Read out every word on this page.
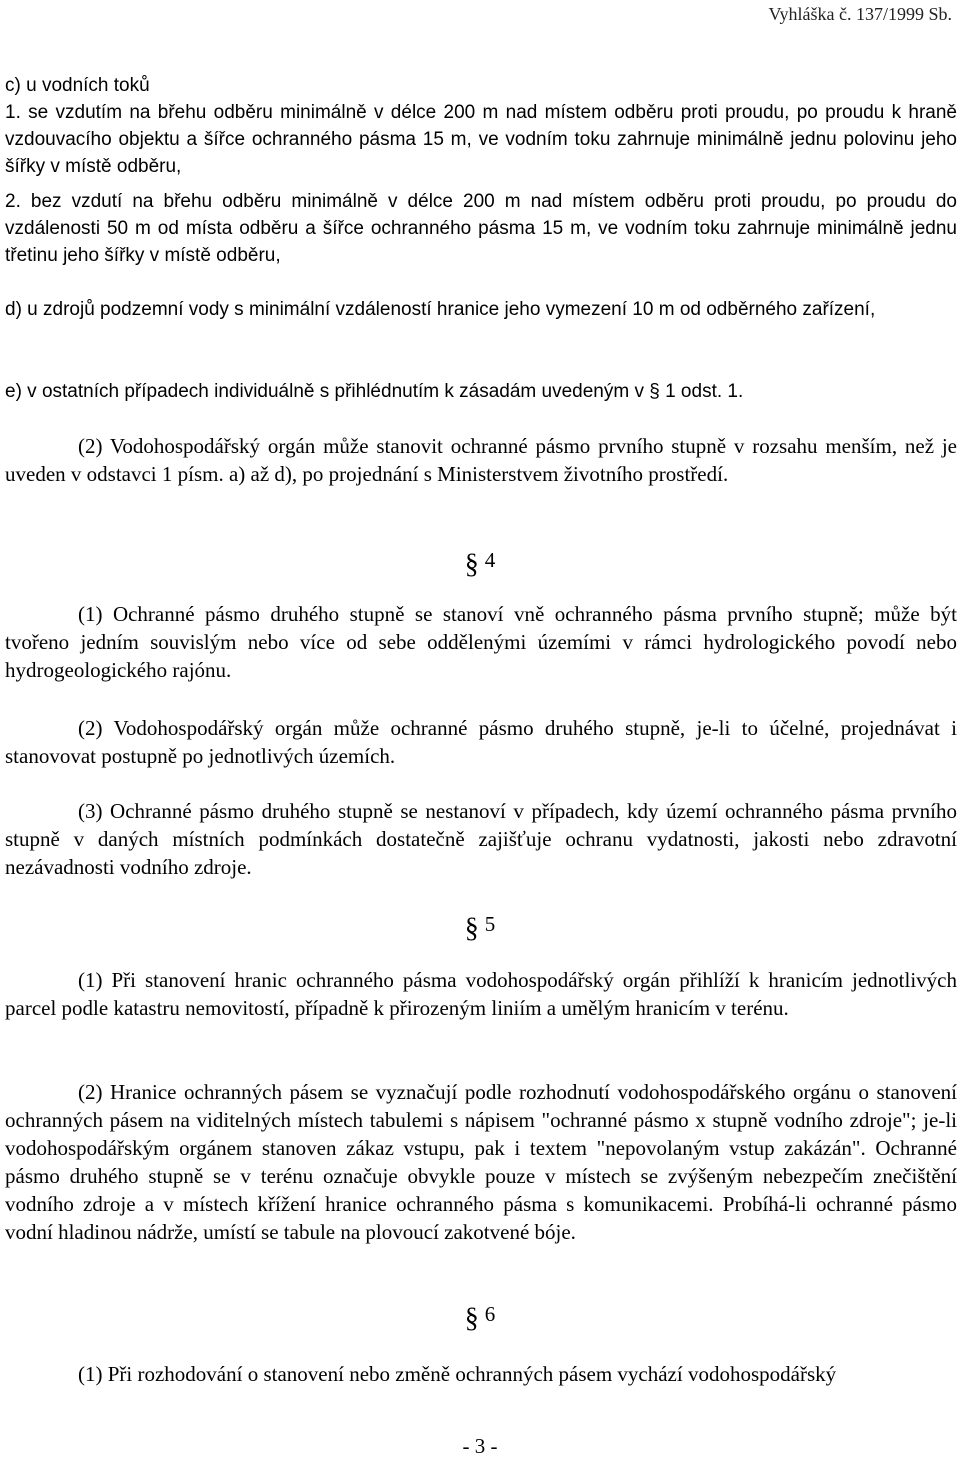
Vyhláška č. 137/1999 Sb.
c) u vodních toků
1. se vzdutím na břehu odběru minimálně v délce 200 m nad místem odběru proti proudu, po proudu k hraně vzdouvacího objektu a šířce ochranného pásma 15 m, ve vodním toku zahrnuje minimálně jednu polovinu jeho šířky v místě odběru,
2. bez vzdutí na břehu odběru minimálně v délce 200 m nad místem odběru proti proudu, po proudu do vzdálenosti 50 m od místa odběru a šířce ochranného pásma 15 m, ve vodním toku zahrnuje minimálně jednu třetinu jeho šířky v místě odběru,
d) u zdrojů podzemní vody s minimální vzdáleností hranice jeho vymezení 10 m od odběrného zařízení,
e) v ostatních případech individuálně s přihlédnutím k zásadám uvedeným v § 1 odst. 1.
(2) Vodohospodářský orgán může stanovit ochranné pásmo prvního stupně v rozsahu menším, než je uveden v odstavci 1 písm. a) až d), po projednání s Ministerstvem životního prostředí.
§ 4
(1) Ochranné pásmo druhého stupně se stanoví vně ochranného pásma prvního stupně; může být tvořeno jedním souvislým nebo více od sebe oddělenými územími v rámci hydrologického povodí nebo hydrogeologického rajónu.
(2) Vodohospodářský orgán může ochranné pásmo druhého stupně, je-li to účelné, projednávat i stanovovat postupně po jednotlivých územích.
(3) Ochranné pásmo druhého stupně se nestanoví v případech, kdy území ochranného pásma prvního stupně v daných místních podmínkách dostatečně zajišťuje ochranu vydatnosti, jakosti nebo zdravotní nezávadnosti vodního zdroje.
§ 5
(1) Při stanovení hranic ochranného pásma vodohospodářský orgán přihlíží k hranicím jednotlivých parcel podle katastru nemovitostí, případně k přirozeným liniím a umělým hranicím v terénu.
(2) Hranice ochranných pásem se vyznačují podle rozhodnutí vodohospodářského orgánu o stanovení ochranných pásem na viditelných místech tabulemi s nápisem "ochranné pásmo x stupně vodního zdroje"; je-li vodohospodářským orgánem stanoven zákaz vstupu, pak i textem "nepovolaným vstup zakázán". Ochranné pásmo druhého stupně se v terénu označuje obvykle pouze v místech se zvýšeným nebezpečím znečištění vodního zdroje a v místech křížení hranice ochranného pásma s komunikacemi. Probíhá-li ochranné pásmo vodní hladinou nádrže, umístí se tabule na plovoucí zakotvené bóje.
§ 6
(1) Při rozhodování o stanovení nebo změně ochranných pásem vychází vodohospodářský
- 3 -
